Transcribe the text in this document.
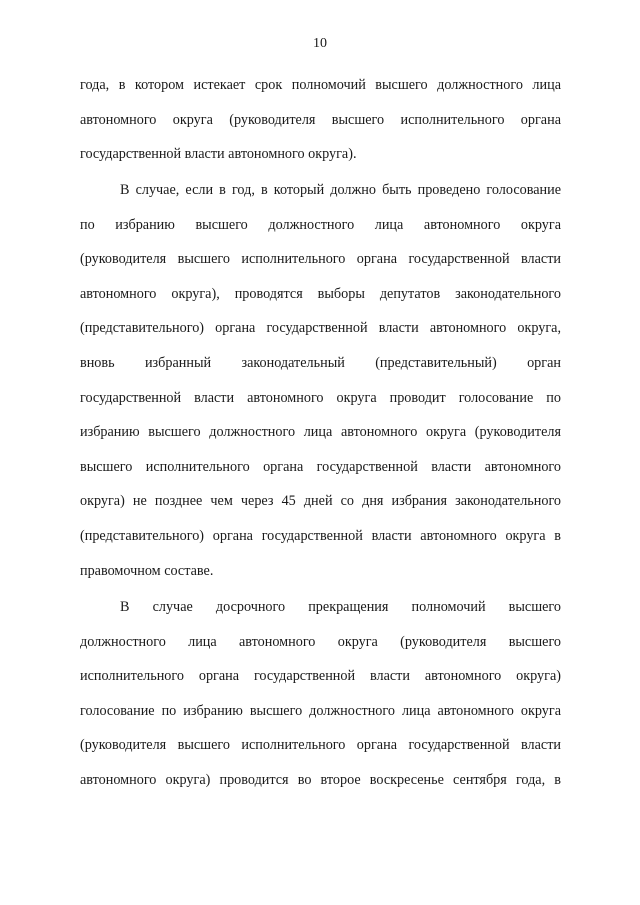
10
года, в котором истекает срок полномочий высшего должностного лица
автономного округа (руководителя высшего исполнительного органа
государственной власти автономного округа).
В случае, если в год, в который должно быть проведено голосование
по избранию высшего должностного лица автономного округа
(руководителя высшего исполнительного органа государственной власти
автономного округа), проводятся выборы депутатов законодательного
(представительного) органа государственной власти автономного округа,
вновь избранный законодательный (представительный) орган
государственной власти автономного округа проводит голосование по
избранию высшего должностного лица автономного округа (руководителя
высшего исполнительного органа государственной власти автономного
округа) не позднее чем через 45 дней со дня избрания законодательного
(представительного) органа государственной власти автономного округа в
правомочном составе.
В случае досрочного прекращения полномочий высшего
должностного лица автономного округа (руководителя высшего
исполнительного органа государственной власти автономного округа)
голосование по избранию высшего должностного лица автономного округа
(руководителя высшего исполнительного органа государственной власти
автономного округа) проводится во второе воскресенье сентября года, в
